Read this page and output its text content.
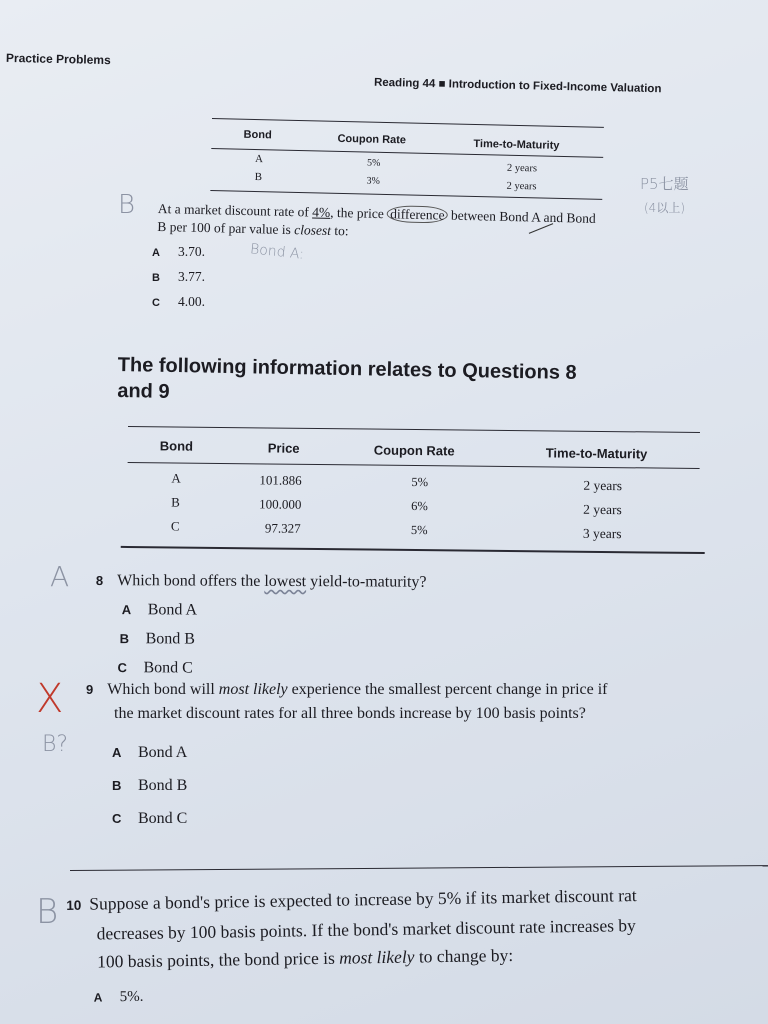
Practice Problems
Reading 44 ■ Introduction to Fixed-Income Valuation
Bond	Coupon Rate	Time-to-Maturity
A	5%	2 years
B	3%	2 years
B At a market discount rate of 4%, the price difference between Bond A and Bond
B per 100 of par value is closest to:
A 3.70.
B 3.77.
C 4.00.
Bond A:
P5七题
(4以上)
The following information relates to Questions 8
and 9
Bond	Price	Coupon Rate	Time-to-Maturity
A	101.886	5%	2 years
B	100.000	6%	2 years
C	97.327	5%	3 years
A 8 Which bond offers the lowest yield-to-maturity?
A Bond A
B Bond B
C Bond C
X
B?
9 Which bond will most likely experience the smallest percent change in price if
the market discount rates for all three bonds increase by 100 basis points?
A Bond A
B Bond B
C Bond C
B 10 Suppose a bond's price is expected to increase by 5% if its market discount rat
decreases by 100 basis points. If the bond's market discount rate increases by
100 basis points, the bond price is most likely to change by:
A 5%.
